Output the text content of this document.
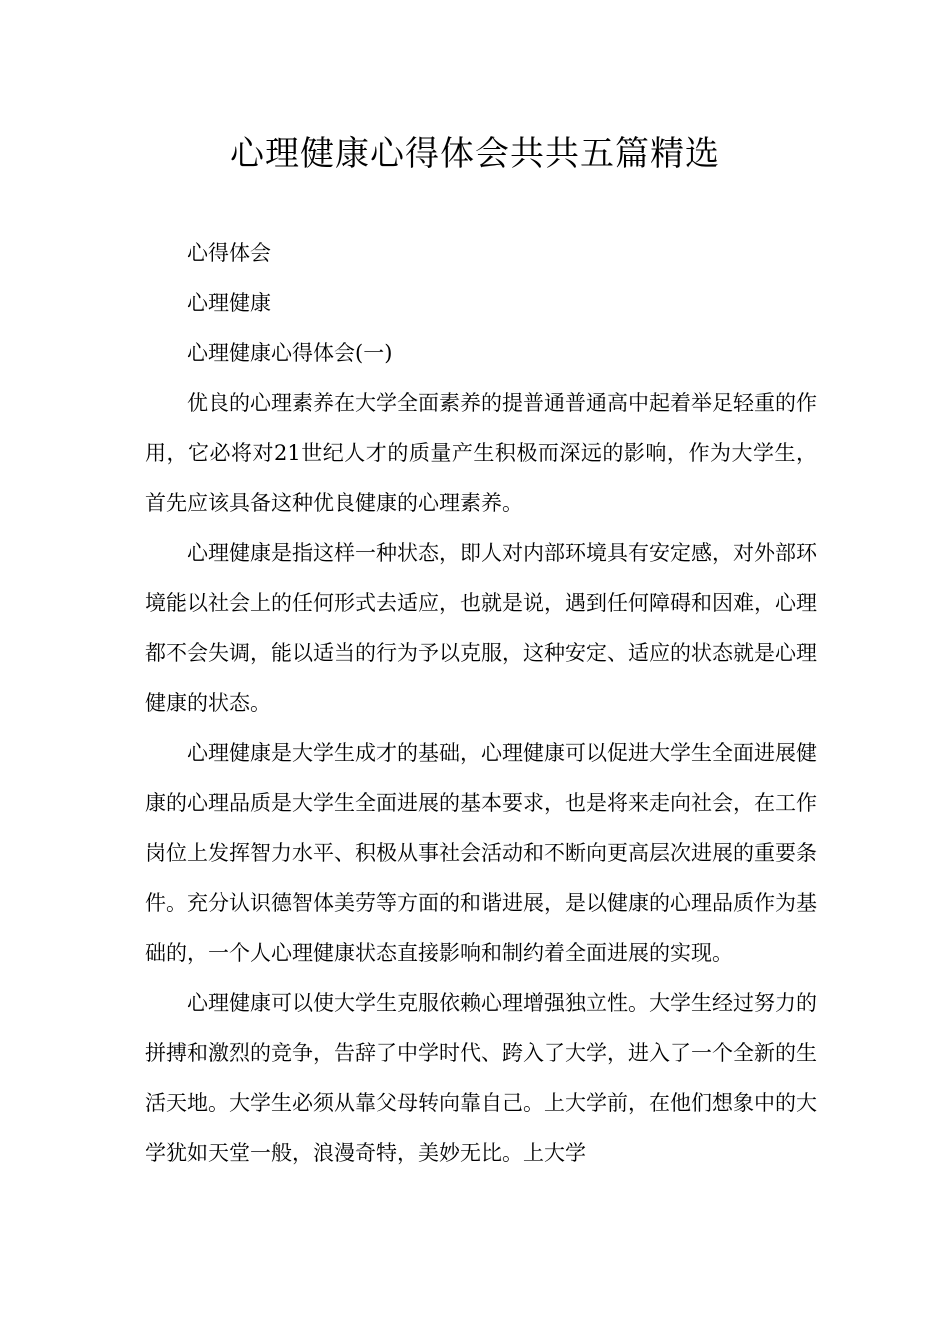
心理健康心得体会共共五篇精选

心得体会

心理健康

心理健康心得体会(一)

优良的心理素养在大学全面素养的提普通普通高中起着举足轻重的作用，它必将对21世纪人才的质量产生积极而深远的影响，作为大学生，首先应该具备这种优良健康的心理素养。

心理健康是指这样一种状态，即人对内部环境具有安定感，对外部环境能以社会上的任何形式去适应，也就是说，遇到任何障碍和因难，心理都不会失调，能以适当的行为予以克服，这种安定、适应的状态就是心理健康的状态。

心理健康是大学生成才的基础，心理健康可以促进大学生全面进展健康的心理品质是大学生全面进展的基本要求，也是将来走向社会，在工作岗位上发挥智力水平、积极从事社会活动和不断向更高层次进展的重要条件。充分认识德智体美劳等方面的和谐进展，是以健康的心理品质作为基础的，一个人心理健康状态直接影响和制约着全面进展的实现。

心理健康可以使大学生克服依赖心理增强独立性。大学生经过努力的拼搏和激烈的竞争，告辞了中学时代、跨入了大学，进入了一个全新的生活天地。大学生必须从靠父母转向靠自己。上大学前，在他们想象中的大学犹如天堂一般，浪漫奇特，美妙无比。上大学
